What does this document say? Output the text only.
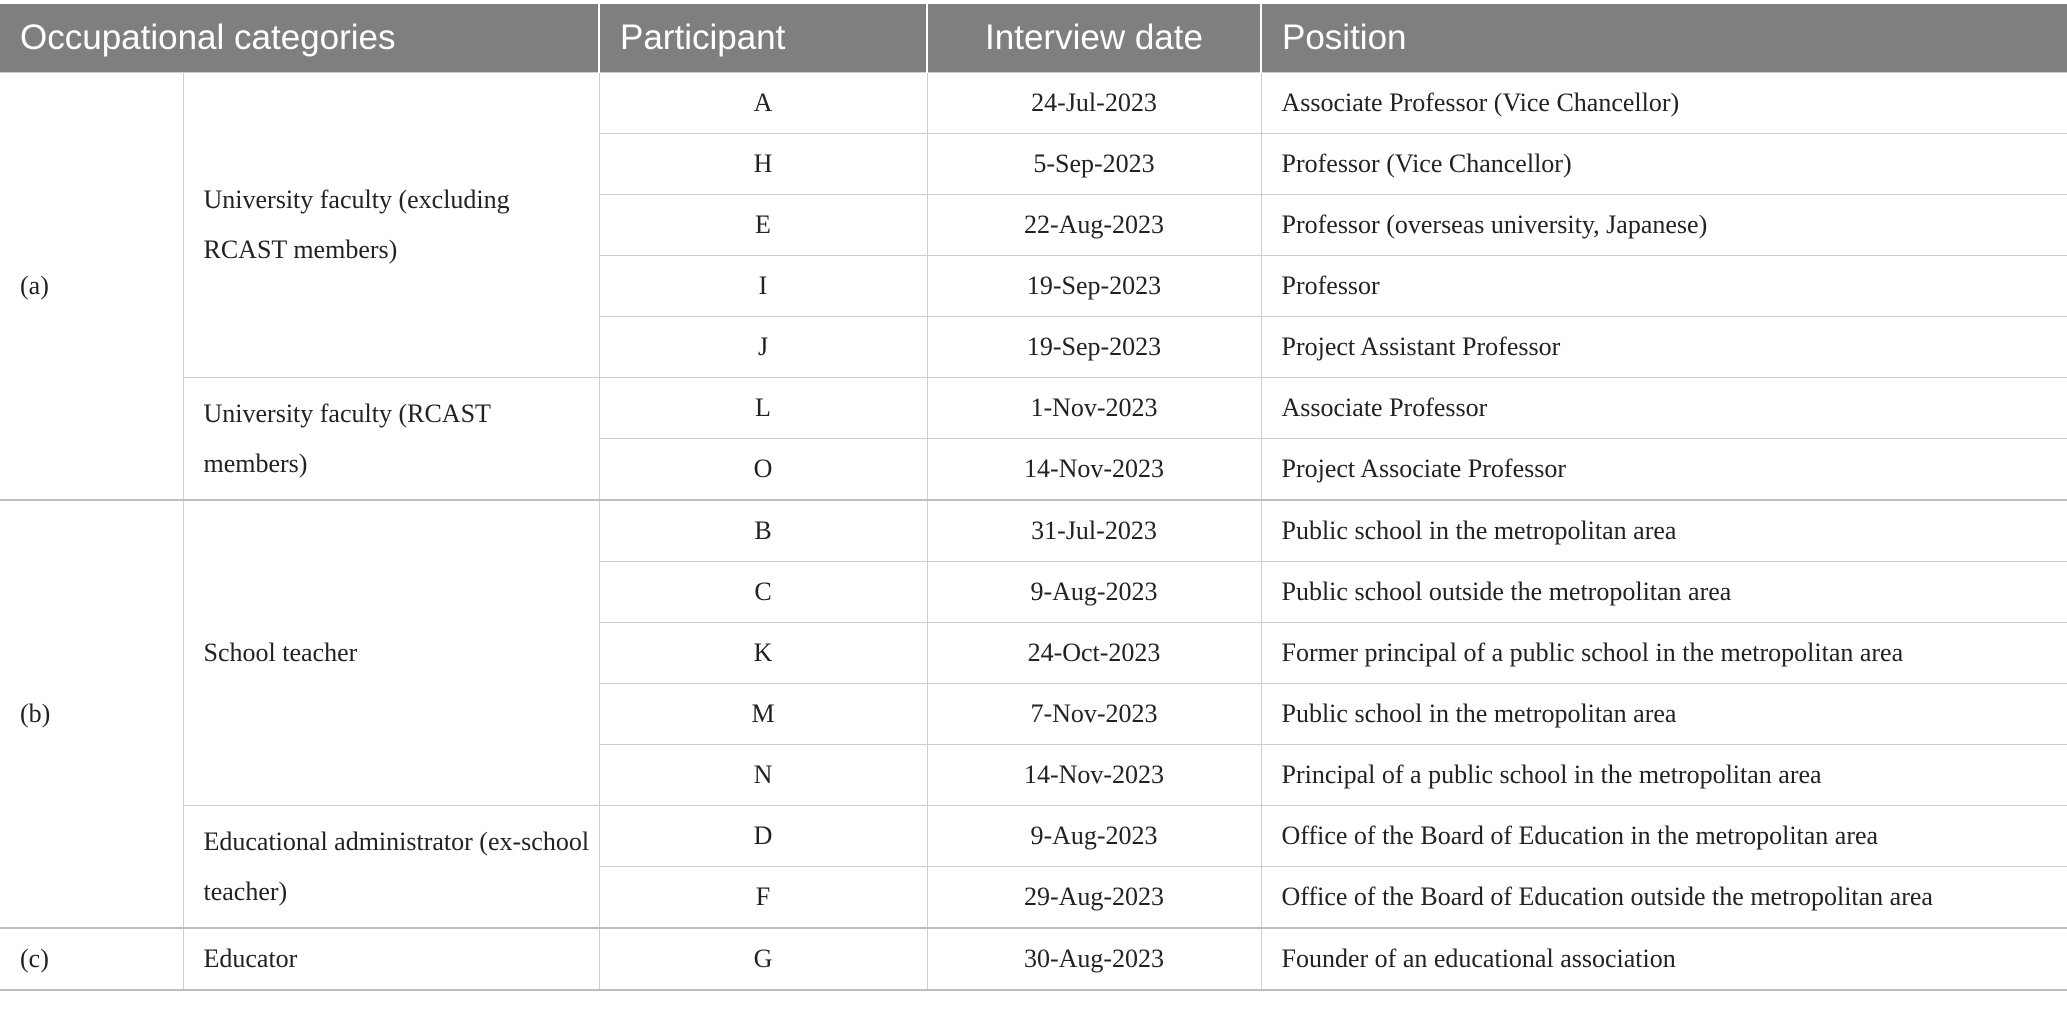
Occupational categories		Participant	Interview date	Position
(a)	University faculty (excluding RCAST members)	A	24-Jul-2023	Associate Professor (Vice Chancellor)
		H	5-Sep-2023	Professor (Vice Chancellor)
		E	22-Aug-2023	Professor (overseas university, Japanese)
		I	19-Sep-2023	Professor
		J	19-Sep-2023	Project Assistant Professor
	University faculty (RCAST members)	L	1-Nov-2023	Associate Professor
		O	14-Nov-2023	Project Associate Professor
(b)	School teacher	B	31-Jul-2023	Public school in the metropolitan area
		C	9-Aug-2023	Public school outside the metropolitan area
		K	24-Oct-2023	Former principal of a public school in the metropolitan area
		M	7-Nov-2023	Public school in the metropolitan area
		N	14-Nov-2023	Principal of a public school in the metropolitan area
	Educational administrator (ex-school teacher)	D	9-Aug-2023	Office of the Board of Education in the metropolitan area
		F	29-Aug-2023	Office of the Board of Education outside the metropolitan area
(c)	Educator	G	30-Aug-2023	Founder of an educational association
